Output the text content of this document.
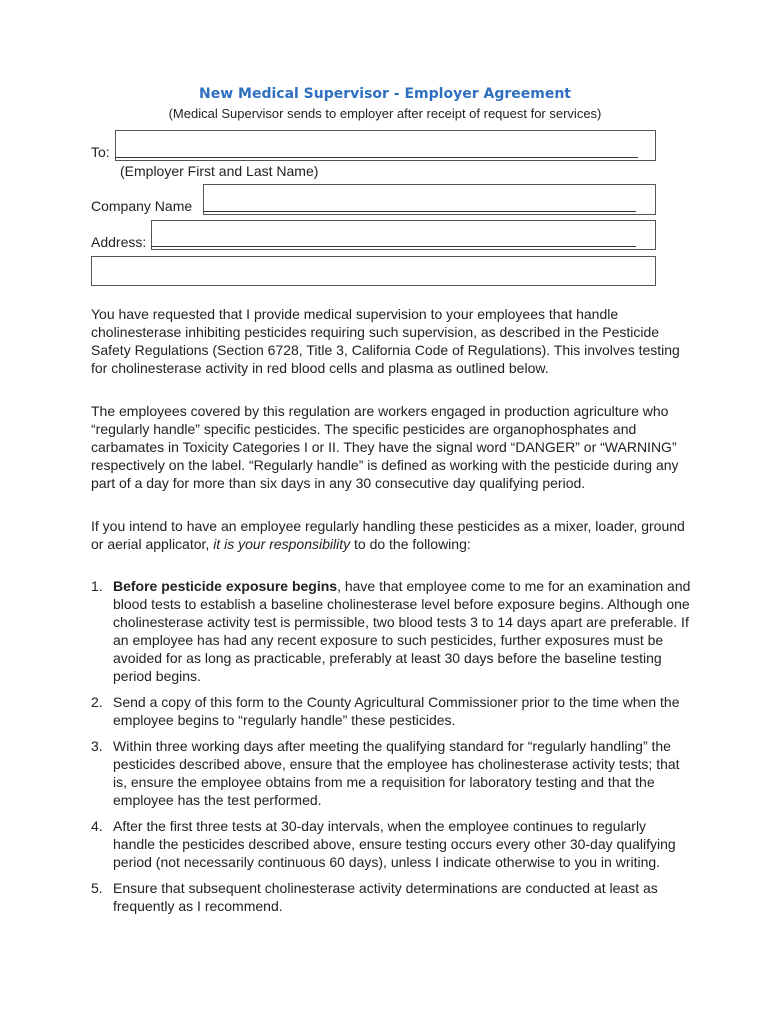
New Medical Supervisor - Employer Agreement
(Medical Supervisor sends to employer after receipt of request for services)
To:
(Employer First and Last Name)
Company Name
Address:

You have requested that I provide medical supervision to your employees that handle cholinesterase inhibiting pesticides requiring such supervision, as described in the Pesticide Safety Regulations (Section 6728, Title 3, California Code of Regulations). This involves testing for cholinesterase activity in red blood cells and plasma as outlined below.

The employees covered by this regulation are workers engaged in production agriculture who “regularly handle” specific pesticides. The specific pesticides are organophosphates and carbamates in Toxicity Categories I or II. They have the signal word “DANGER” or “WARNING” respectively on the label. “Regularly handle” is defined as working with the pesticide during any part of a day for more than six days in any 30 consecutive day qualifying period.

If you intend to have an employee regularly handling these pesticides as a mixer, loader, ground or aerial applicator, it is your responsibility to do the following:

1. Before pesticide exposure begins, have that employee come to me for an examination and blood tests to establish a baseline cholinesterase level before exposure begins. Although one cholinesterase activity test is permissible, two blood tests 3 to 14 days apart are preferable. If an employee has had any recent exposure to such pesticides, further exposures must be avoided for as long as practicable, preferably at least 30 days before the baseline testing period begins.
2. Send a copy of this form to the County Agricultural Commissioner prior to the time when the employee begins to “regularly handle” these pesticides.
3. Within three working days after meeting the qualifying standard for “regularly handling” the pesticides described above, ensure that the employee has cholinesterase activity tests; that is, ensure the employee obtains from me a requisition for laboratory testing and that the employee has the test performed.
4. After the first three tests at 30-day intervals, when the employee continues to regularly handle the pesticides described above, ensure testing occurs every other 30-day qualifying period (not necessarily continuous 60 days), unless I indicate otherwise to you in writing.
5. Ensure that subsequent cholinesterase activity determinations are conducted at least as frequently as I recommend.
